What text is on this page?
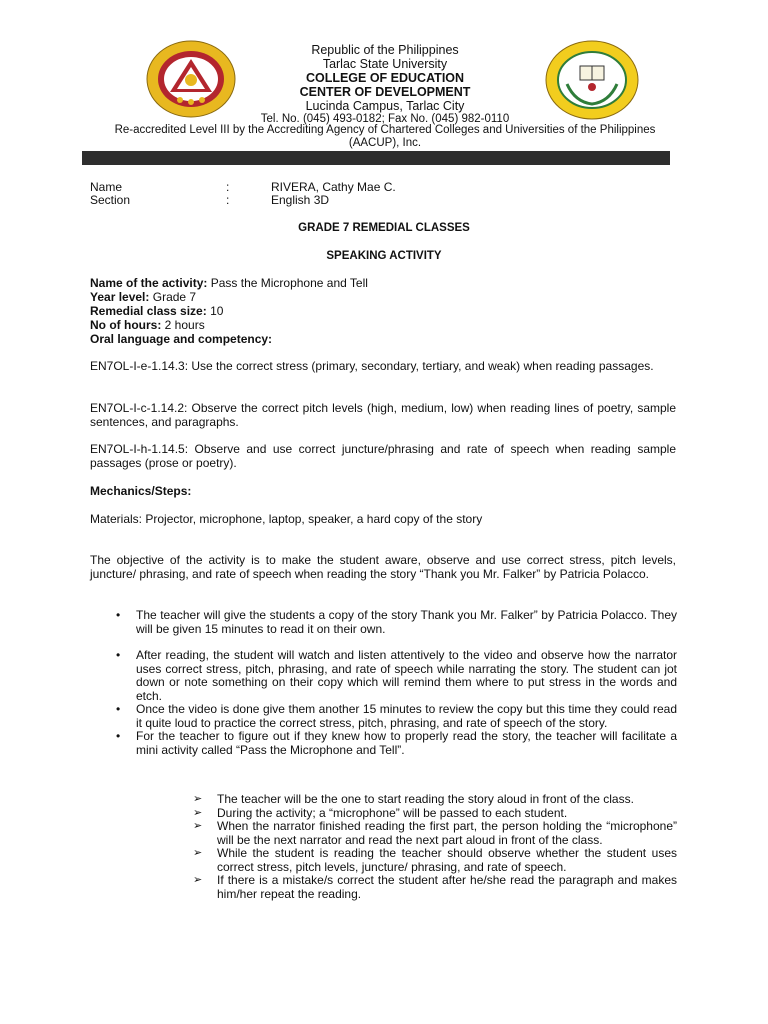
Republic of the Philippines
Tarlac State University
COLLEGE OF EDUCATION
CENTER OF DEVELOPMENT
Lucinda Campus, Tarlac City
Tel. No. (045) 493-0182; Fax No. (045) 982-0110
Re-accredited Level III by the Accrediting Agency of Chartered Colleges and Universities of the Philippines (AACUP), Inc.
Name	:	RIVERA, Cathy Mae C.
Section	:	English 3D
GRADE 7 REMEDIAL CLASSES
SPEAKING ACTIVITY
Name of the activity: Pass the Microphone and Tell
Year level: Grade 7
Remedial class size: 10
No of hours: 2 hours
Oral language and competency:
EN7OL-I-e-1.14.3: Use the correct stress (primary, secondary, tertiary, and weak) when reading passages.
EN7OL-I-c-1.14.2: Observe the correct pitch levels (high, medium, low) when reading lines of poetry, sample sentences, and paragraphs.
EN7OL-I-h-1.14.5: Observe and use correct juncture/phrasing and rate of speech when reading sample passages (prose or poetry).
Mechanics/Steps:
Materials: Projector, microphone, laptop, speaker, a hard copy of the story
The objective of the activity is to make the student aware, observe and use correct stress, pitch levels, juncture/ phrasing, and rate of speech when reading the story “Thank you Mr. Falker” by Patricia Polacco.
• The teacher will give the students a copy of the story Thank you Mr. Falker” by Patricia Polacco. They will be given 15 minutes to read it on their own.
• After reading, the student will watch and listen attentively to the video and observe how the narrator uses correct stress, pitch, phrasing, and rate of speech while narrating the story. The student can jot down or note something on their copy which will remind them where to put stress in the words and etch.
• Once the video is done give them another 15 minutes to review the copy but this time they could read it quite loud to practice the correct stress, pitch, phrasing, and rate of speech of the story.
• For the teacher to figure out if they knew how to properly read the story, the teacher will facilitate a mini activity called “Pass the Microphone and Tell”.
➢ The teacher will be the one to start reading the story aloud in front of the class.
➢ During the activity; a “microphone” will be passed to each student.
➢ When the narrator finished reading the first part, the person holding the “microphone” will be the next narrator and read the next part aloud in front of the class.
➢ While the student is reading the teacher should observe whether the student uses correct stress, pitch levels, juncture/ phrasing, and rate of speech.
➢ If there is a mistake/s correct the student after he/she read the paragraph and makes him/her repeat the reading.
